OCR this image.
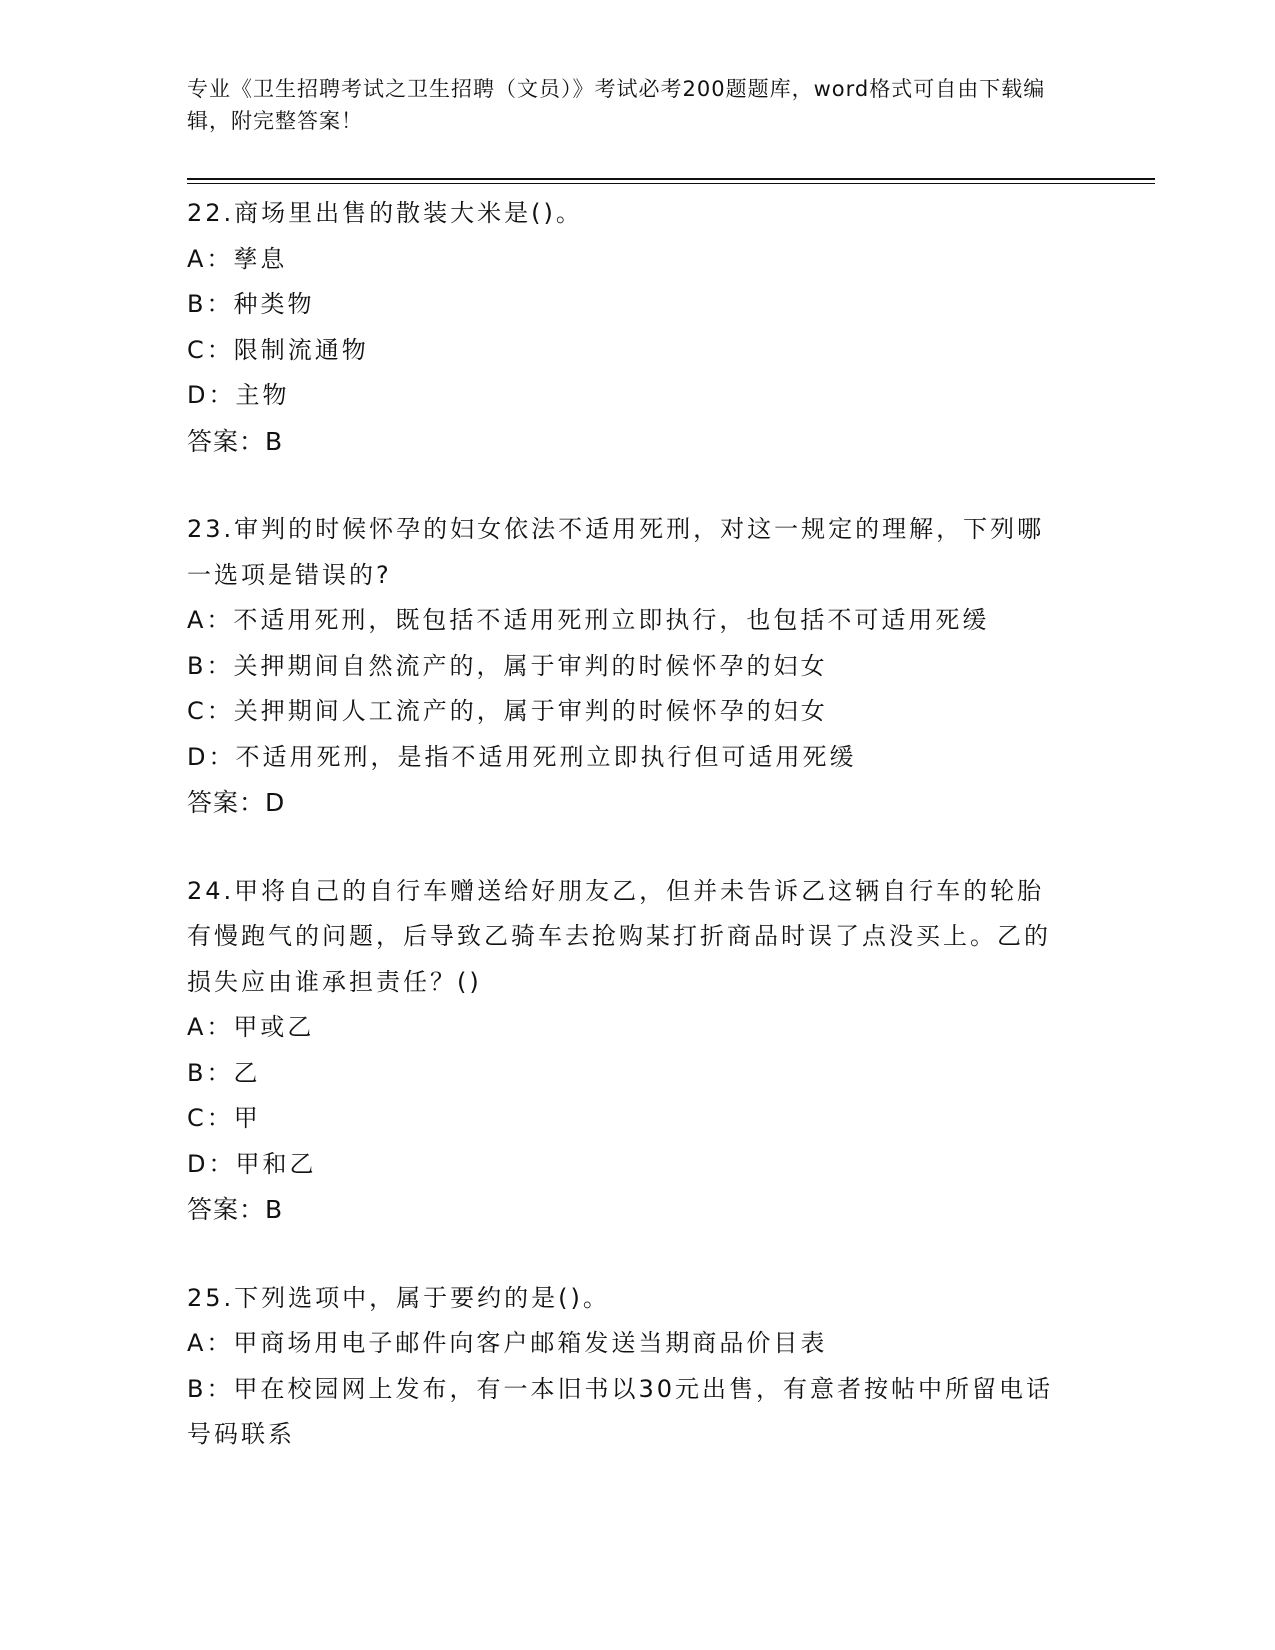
专业《卫生招聘考试之卫生招聘（文员）》考试必考200题题库，word格式可自由下载编辑，附完整答案！
22.商场里出售的散装大米是()。
A：孳息
B：种类物
C：限制流通物
D：主物
答案：B
23.审判的时候怀孕的妇女依法不适用死刑，对这一规定的理解，下列哪一选项是错误的?
A：不适用死刑，既包括不适用死刑立即执行，也包括不可适用死缓
B：关押期间自然流产的，属于审判的时候怀孕的妇女
C：关押期间人工流产的，属于审判的时候怀孕的妇女
D：不适用死刑，是指不适用死刑立即执行但可适用死缓
答案：D
24.甲将自己的自行车赠送给好朋友乙，但并未告诉乙这辆自行车的轮胎有慢跑气的问题，后导致乙骑车去抢购某打折商品时误了点没买上。乙的损失应由谁承担责任？()
A：甲或乙
B：乙
C：甲
D：甲和乙
答案：B
25.下列选项中，属于要约的是()。
A：甲商场用电子邮件向客户邮箱发送当期商品价目表
B：甲在校园网上发布，有一本旧书以30元出售，有意者按帖中所留电话号码联系
